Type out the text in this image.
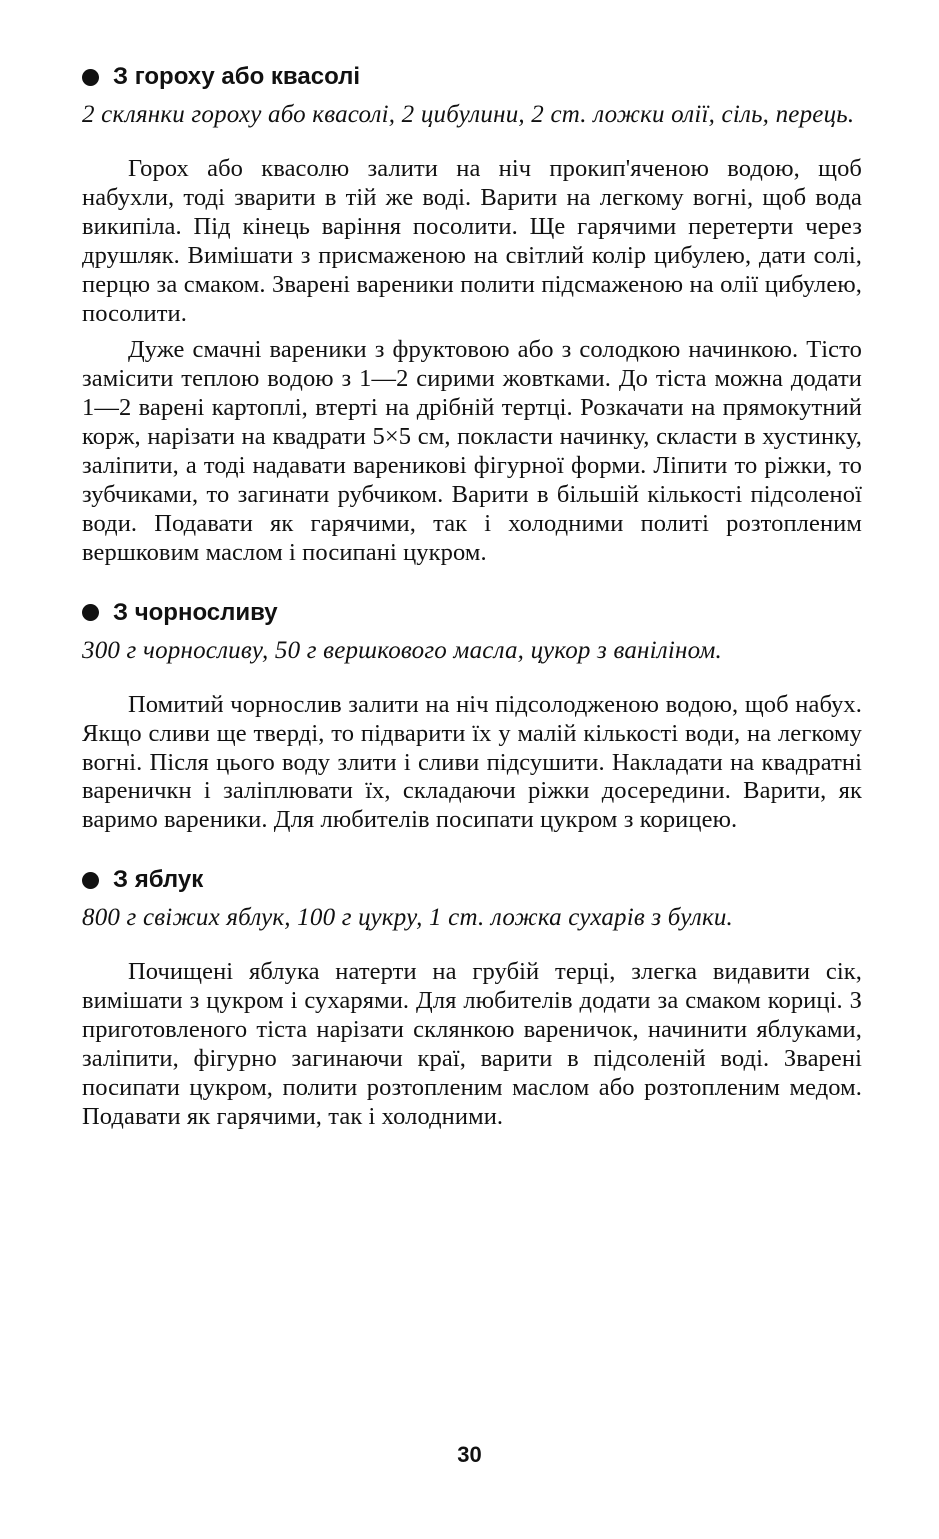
З гороху або квасолі

2 склянки гороху або квасолі, 2 цибулини, 2 ст. ложки олії, сіль, перець.

Горох або квасолю залити на ніч прокип'яченою водою, щоб набухли, тоді зварити в тій же воді. Варити на легкому вогні, щоб вода википіла. Під кінець варіння посолити. Ще гарячими перетерти через друшляк. Вимішати з присмаженою на світлий колір цибулею, дати солі, перцю за смаком. Зварені вареники полити підсмаженою на олії цибулею, посолити.

Дуже смачні вареники з фруктовою або з солодкою начинкою. Тісто замісити теплою водою з 1—2 сирими жовтками. До тіста можна додати 1—2 варені картоплі, втерті на дрібній тертці. Розкачати на прямокутний корж, нарізати на квадрати 5×5 см, покласти начинку, скласти в хустинку, заліпити, а тоді надавати вареникові фігурної форми. Ліпити то ріжки, то зубчиками, то загинати рубчиком. Варити в більшій кількості підсоленої води. Подавати як гарячими, так і холодними политі розтопленим вершковим маслом і посипані цукром.

З чорносливу

300 г чорносливу, 50 г вершкового масла, цукор з ваніліном.

Помитий чорнослив залити на ніч підсолодженою водою, щоб набух. Якщо сливи ще тверді, то підварити їх у малій кількості води, на легкому вогні. Після цього воду злити і сливи підсушити. Накладати на квадратні вареничкн і заліплювати їх, складаючи ріжки досередини. Варити, як варимо вареники. Для любителів посипати цукром з корицею.

З яблук

800 г свіжих яблук, 100 г цукру, 1 ст. ложка сухарів з булки.

Почищені яблука натерти на грубій терці, злегка видавити сік, вимішати з цукром і сухарями. Для любителів додати за смаком кориці. З приготовленого тіста нарізати склянкою вареничок, начинити яблуками, заліпити, фігурно загинаючи краї, варити в підсоленій воді. Зварені посипати цукром, полити розтопленим маслом або розтопленим медом. Подавати як гарячими, так і холодними.

30
